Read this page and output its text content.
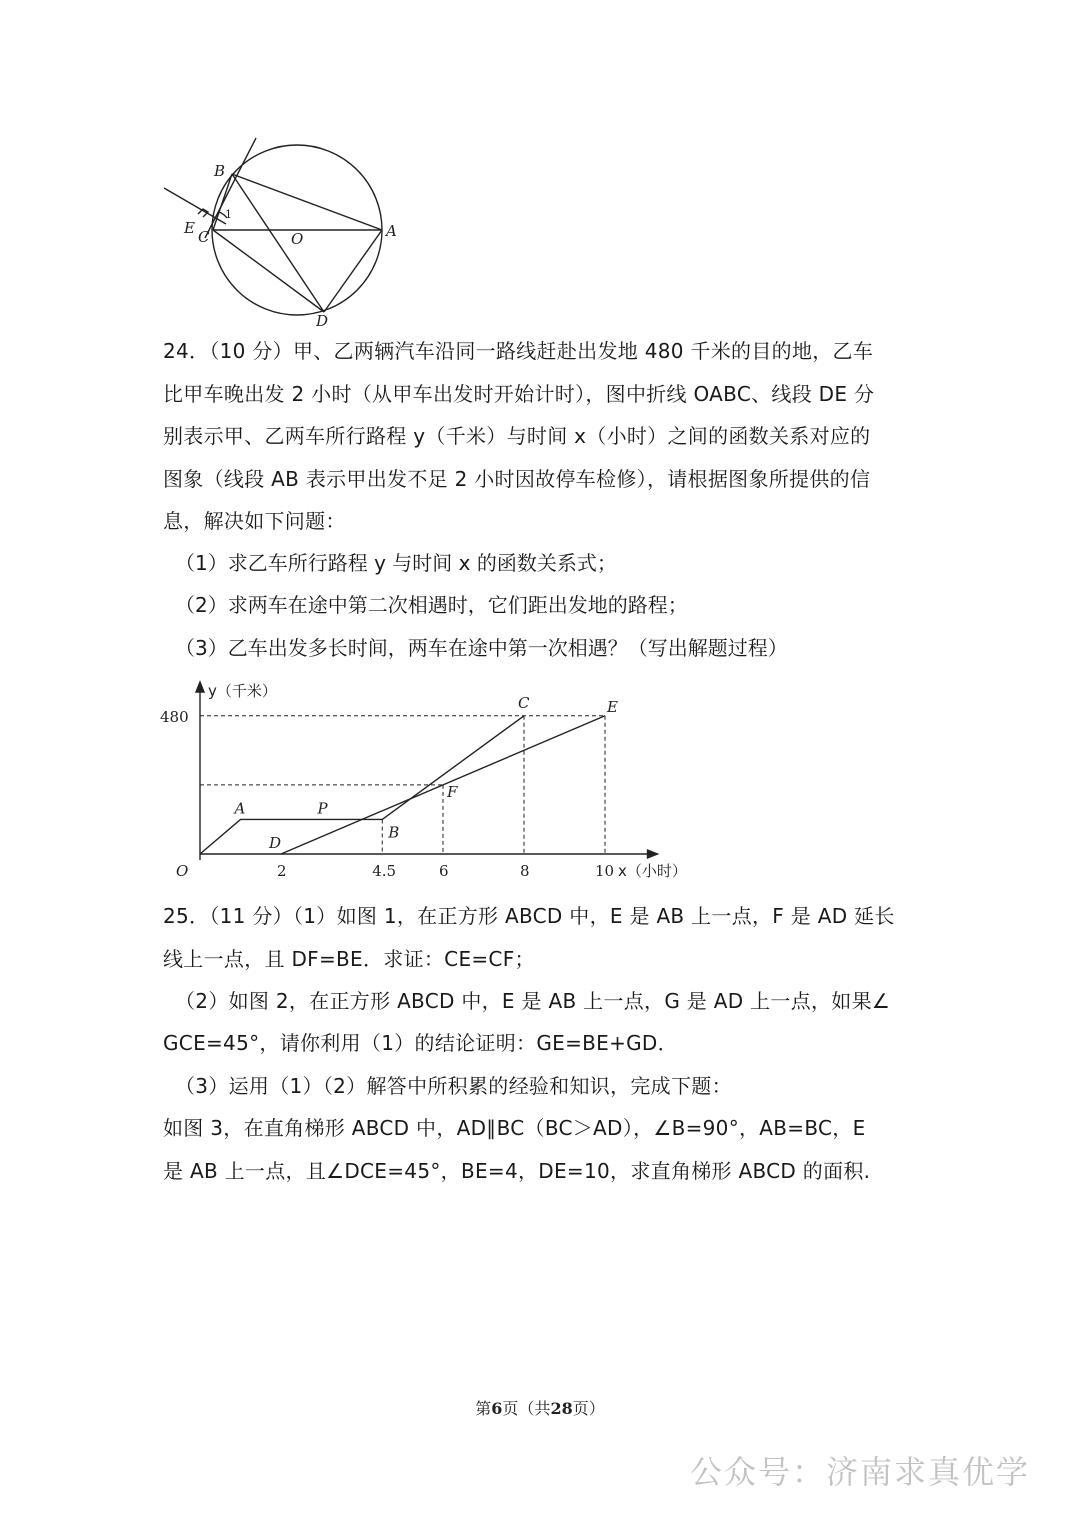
B
E C	O	A
D
1
24．（10 分）甲、乙两辆汽车沿同一路线赶赴出发地 480 千米的目的地，乙车
比甲车晚出发 2 小时（从甲车出发时开始计时），图中折线 OABC、线段 DE 分
别表示甲、乙两车所行路程 y（千米）与时间 x（小时）之间的函数关系对应的
图象（线段 AB 表示甲出发不足 2 小时因故停车检修），请根据图象所提供的信
息，解决如下问题：
（1）求乙车所行路程 y 与时间 x 的函数关系式；
（2）求两车在途中第二次相遇时，它们距出发地的路程；
（3）乙车出发多长时间，两车在途中第一次相遇？（写出解题过程）
2	4.5	6	8	10
480
O
y（千米）
x（小时）
A
B
C
D
E
F
P
25．（11 分）（1）如图 1，在正方形 ABCD 中，E 是 AB 上一点，F 是 AD 延长
线上一点，且 DF=BE．求证：CE=CF；
（2）如图 2，在正方形 ABCD 中，E 是 AB 上一点，G 是 AD 上一点，如果∠
GCE=45°，请你利用（1）的结论证明：GE=BE+GD．
（3）运用（1）（2）解答中所积累的经验和知识，完成下题：
如图 3，在直角梯形 ABCD 中，AD∥BC（BC＞AD），∠B=90°，AB=BC，E
是 AB 上一点，且∠DCE=45°，BE=4，DE=10，求直角梯形 ABCD 的面积.
第6页（共28页）
公众号：济南求真优学
